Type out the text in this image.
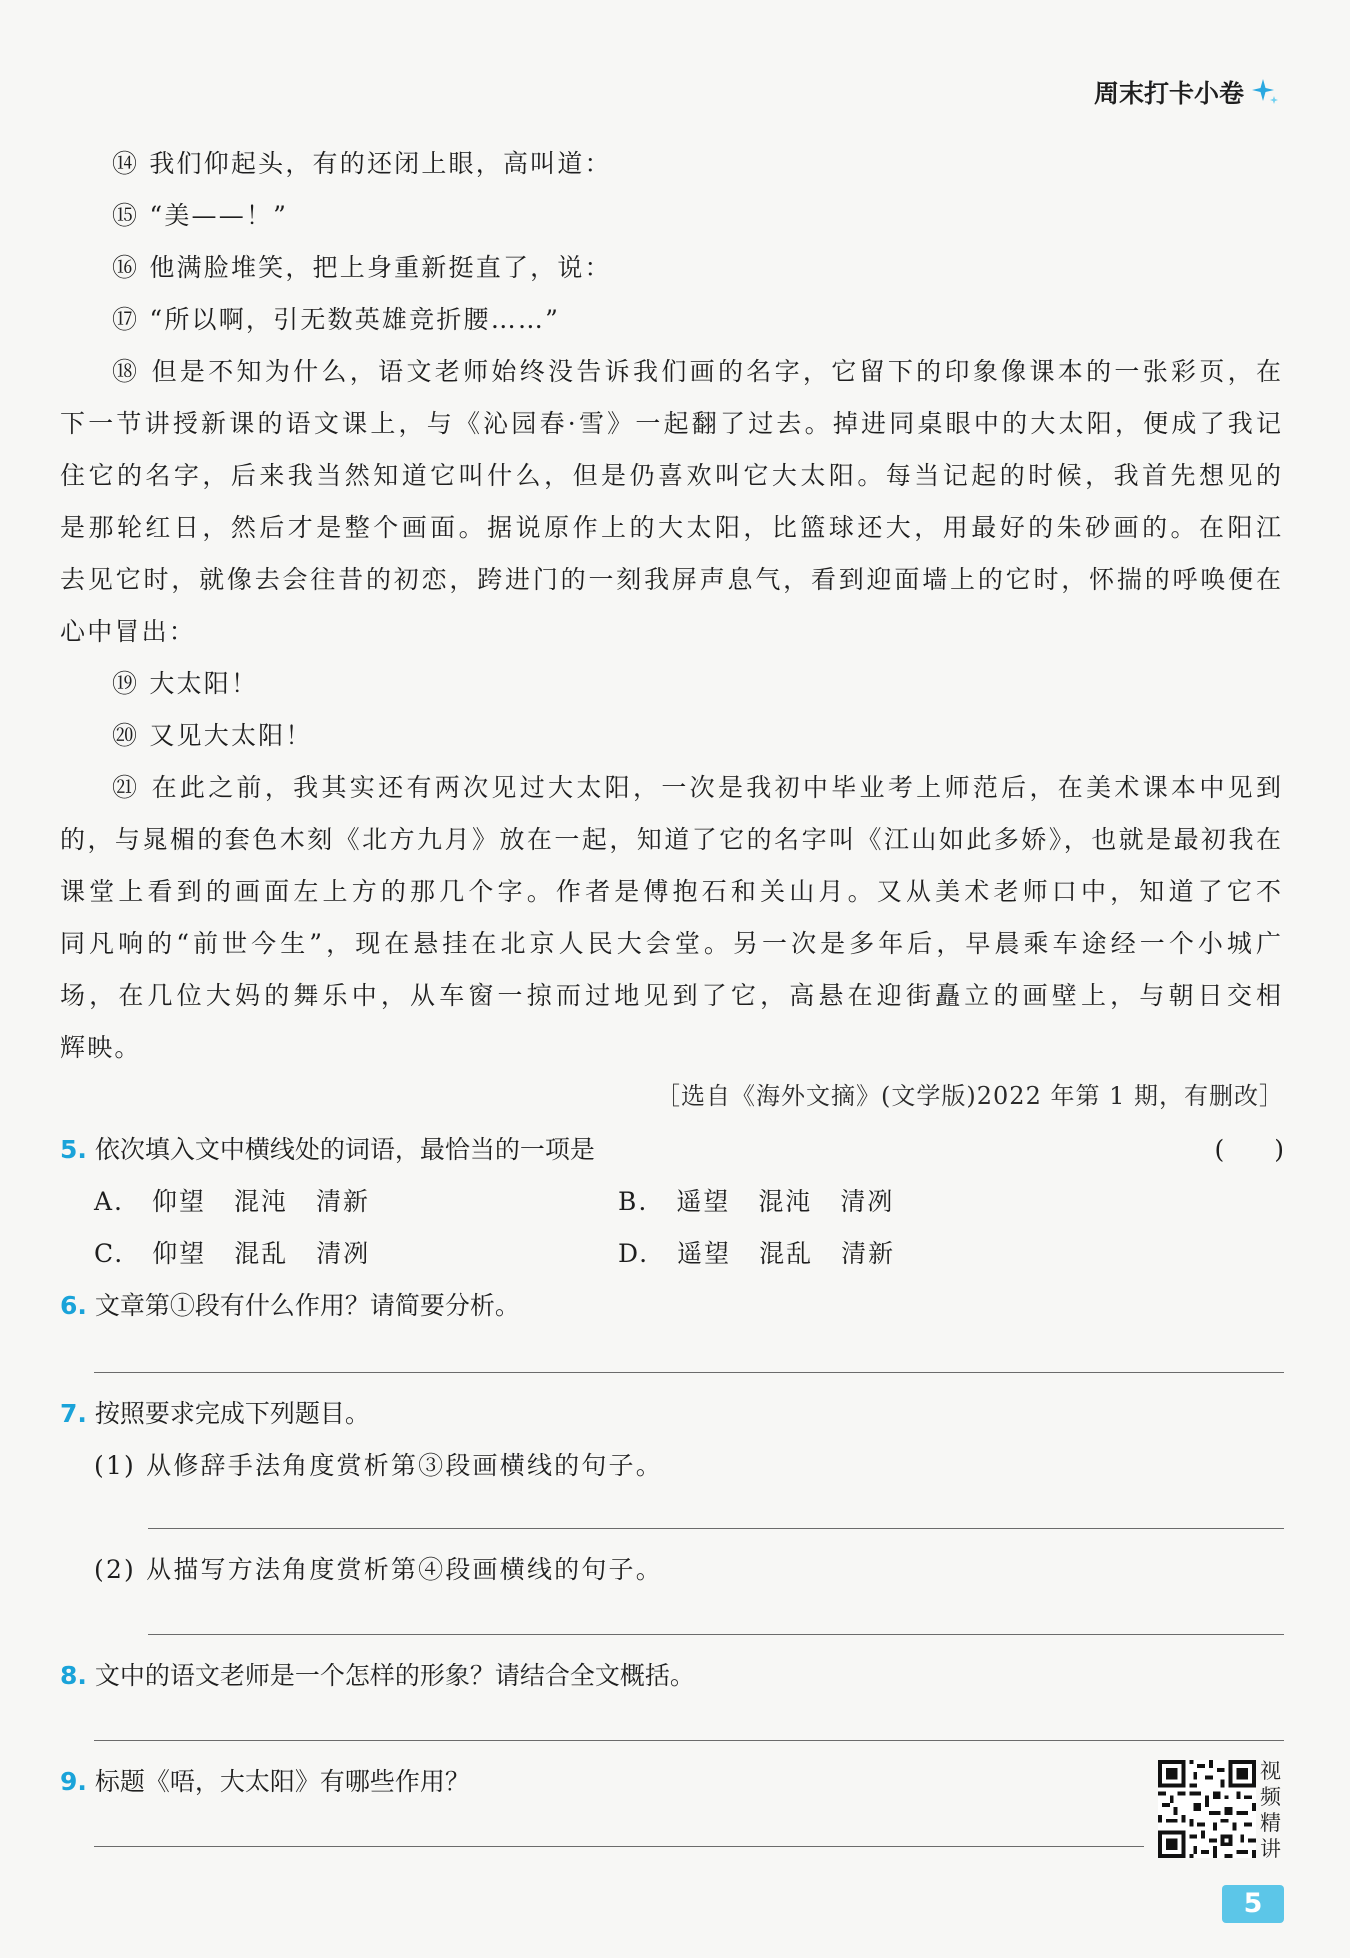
周末打卡小卷
⑭ 我们仰起头，有的还闭上眼，高叫道：
⑮ “美——！”
⑯ 他满脸堆笑，把上身重新挺直了，说：
⑰ “所以啊，引无数英雄竞折腰……”
⑱ 但是不知为什么，语文老师始终没告诉我们画的名字，它留下的印象像课本的一张彩页，在
下一节讲授新课的语文课上，与《沁园春·雪》一起翻了过去。掉进同桌眼中的大太阳，便成了我记
住它的名字，后来我当然知道它叫什么，但是仍喜欢叫它大太阳。每当记起的时候，我首先想见的
是那轮红日，然后才是整个画面。据说原作上的大太阳，比篮球还大，用最好的朱砂画的。在阳江
去见它时，就像去会往昔的初恋，跨进门的一刻我屏声息气，看到迎面墙上的它时，怀揣的呼唤便在
心中冒出：
⑲ 大太阳！
⑳ 又见大太阳！
㉑ 在此之前，我其实还有两次见过大太阳，一次是我初中毕业考上师范后，在美术课本中见到
的，与晁楣的套色木刻《北方九月》放在一起，知道了它的名字叫《江山如此多娇》，也就是最初我在
课堂上看到的画面左上方的那几个字。作者是傅抱石和关山月。又从美术老师口中，知道了它不
同凡响的“前世今生”，现在悬挂在北京人民大会堂。另一次是多年后，早晨乘车途经一个小城广
场，在几位大妈的舞乐中，从车窗一掠而过地见到了它，高悬在迎街矗立的画壁上，与朝日交相
辉映。
［选自《海外文摘》(文学版)2022 年第 1 期，有删改］
5. 依次填入文中横线处的词语，最恰当的一项是	(　　)
A. 仰望 混沌 清新	B. 遥望 混沌 清冽
C. 仰望 混乱 清冽	D. 遥望 混乱 清新
6. 文章第①段有什么作用？请简要分析。
7. 按照要求完成下列题目。
(1) 从修辞手法角度赏析第③段画横线的句子。
(2) 从描写方法角度赏析第④段画横线的句子。
8. 文中的语文老师是一个怎样的形象？请结合全文概括。
9. 标题《唔，大太阳》有哪些作用？	视频精讲
5
